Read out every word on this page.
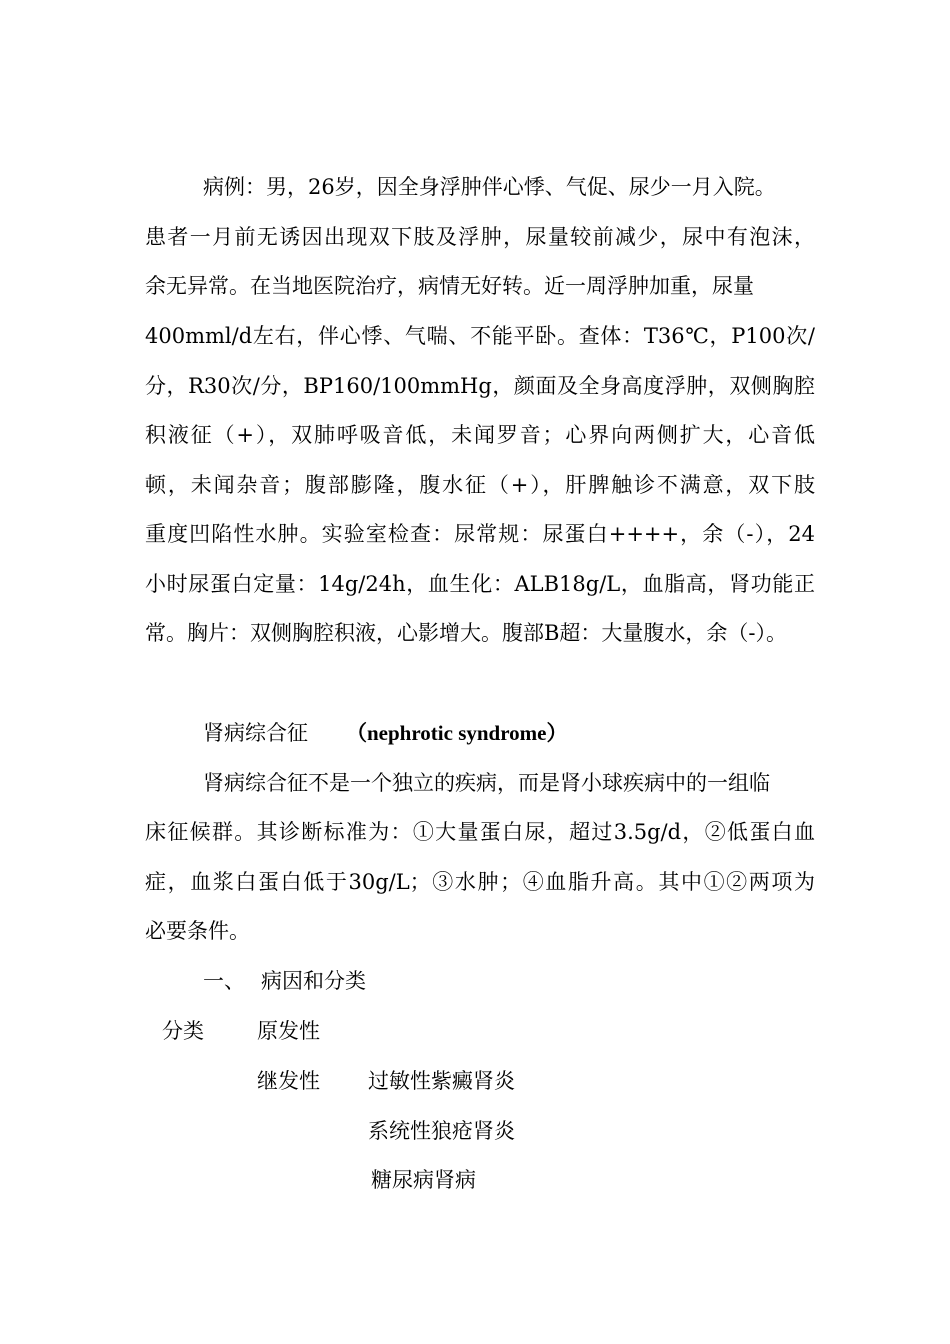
病例：男，26岁，因全身浮肿伴心悸、气促、尿少一月入院。
患者一月前无诱因出现双下肢及浮肿，尿量较前减少，尿中有泡沫，
余无异常。在当地医院治疗，病情无好转。近一周浮肿加重，尿量
400mml/d左右，伴心悸、气喘、不能平卧。查体：T36℃，P100次/
分，R30次/分，BP160/100mmHg，颜面及全身高度浮肿，双侧胸腔
积液征（+），双肺呼吸音低，未闻罗音；心界向两侧扩大，心音低
顿，未闻杂音；腹部膨隆，腹水征（+），肝脾触诊不满意，双下肢
重度凹陷性水肿。实验室检查：尿常规：尿蛋白++++，余（-），24
小时尿蛋白定量：14g/24h，血生化：ALB18g/L，血脂高，肾功能正
常。胸片：双侧胸腔积液，心影增大。腹部B超：大量腹水，余（-）。
肾病综合征 （nephrotic syndrome）
肾病综合征不是一个独立的疾病，而是肾小球疾病中的一组临
床征候群。其诊断标准为：①大量蛋白尿，超过3.5g/d，②低蛋白血
症，血浆白蛋白低于30g/L；③水肿；④血脂升高。其中①②两项为
必要条件。
一、 病因和分类
分类	原发性
继发性 过敏性紫癜肾炎
系统性狼疮肾炎
糖尿病肾病
